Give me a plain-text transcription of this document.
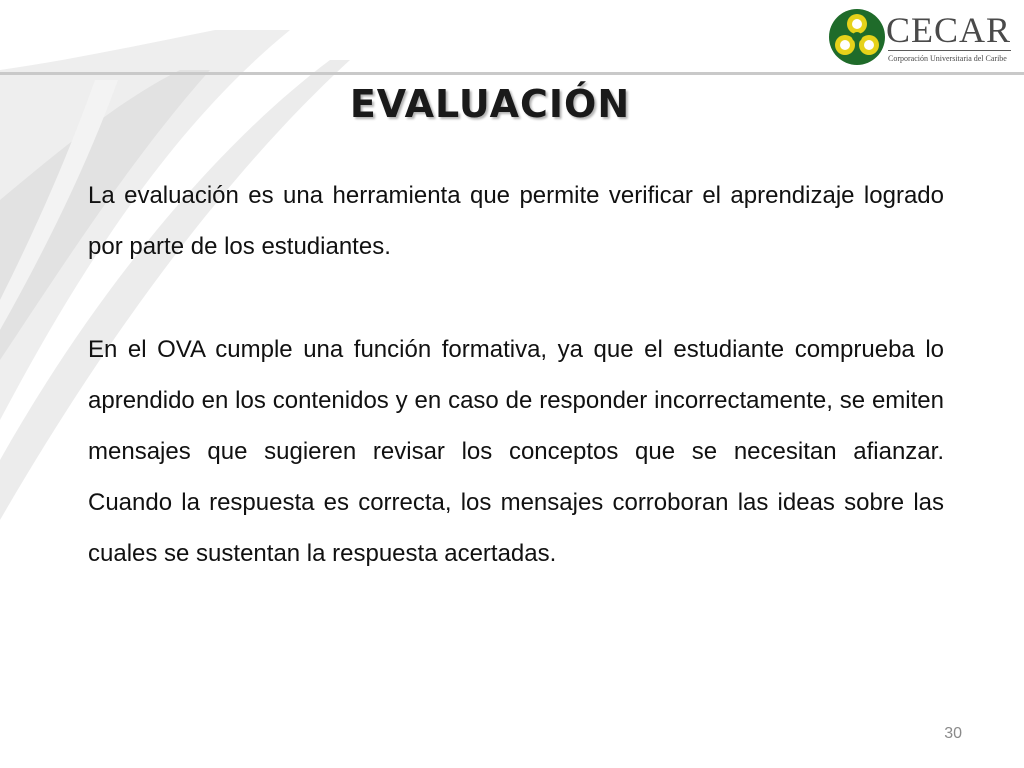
CECAR
Corporación Universitaria del Caribe
EVALUACIÓN

La evaluación es una herramienta que permite verificar el aprendizaje logrado por parte de los estudiantes.

En el OVA cumple una función formativa, ya que el estudiante comprueba lo aprendido en los contenidos y en caso de responder incorrectamente, se emiten mensajes que sugieren revisar los conceptos que se necesitan afianzar. Cuando la respuesta es correcta, los mensajes corroboran las ideas sobre las cuales se sustentan la respuesta acertadas.

30
